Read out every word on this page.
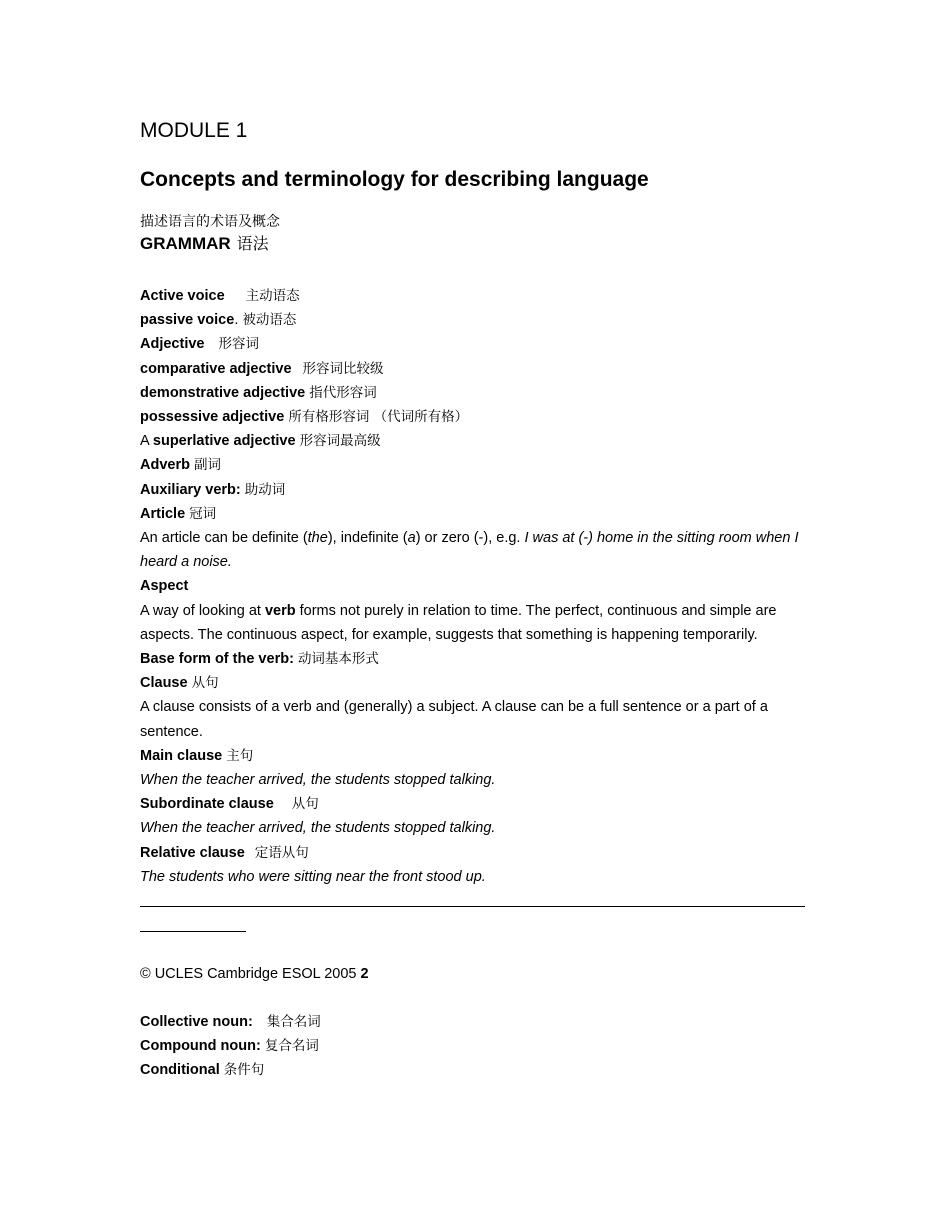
MODULE 1
Concepts and terminology for describing language
描述语言的术语及概念
GRAMMAR 语法
Active voice 主动语态
passive voice. 被动语态
Adjective 形容词
comparative adjective 形容词比较级
demonstrative adjective 指代形容词
possessive adjective 所有格形容词 （代词所有格）
A superlative adjective 形容词最高级
Adverb 副词
Auxiliary verb: 助动词
Article 冠词
An article can be definite (the), indefinite (a) or zero (-), e.g. I was at (-) home in the sitting room when I heard a noise.
Aspect
A way of looking at verb forms not purely in relation to time. The perfect, continuous and simple are aspects. The continuous aspect, for example, suggests that something is happening temporarily.
Base form of the verb: 动词基本形式
Clause 从句
A clause consists of a verb and (generally) a subject. A clause can be a full sentence or a part of a sentence.
Main clause 主句
When the teacher arrived, the students stopped talking.
Subordinate clause 从句
When the teacher arrived, the students stopped talking.
Relative clause 定语从句
The students who were sitting near the front stood up.
© UCLES Cambridge ESOL 2005 2
Collective noun: 集合名词
Compound noun: 复合名词
Conditional 条件句
